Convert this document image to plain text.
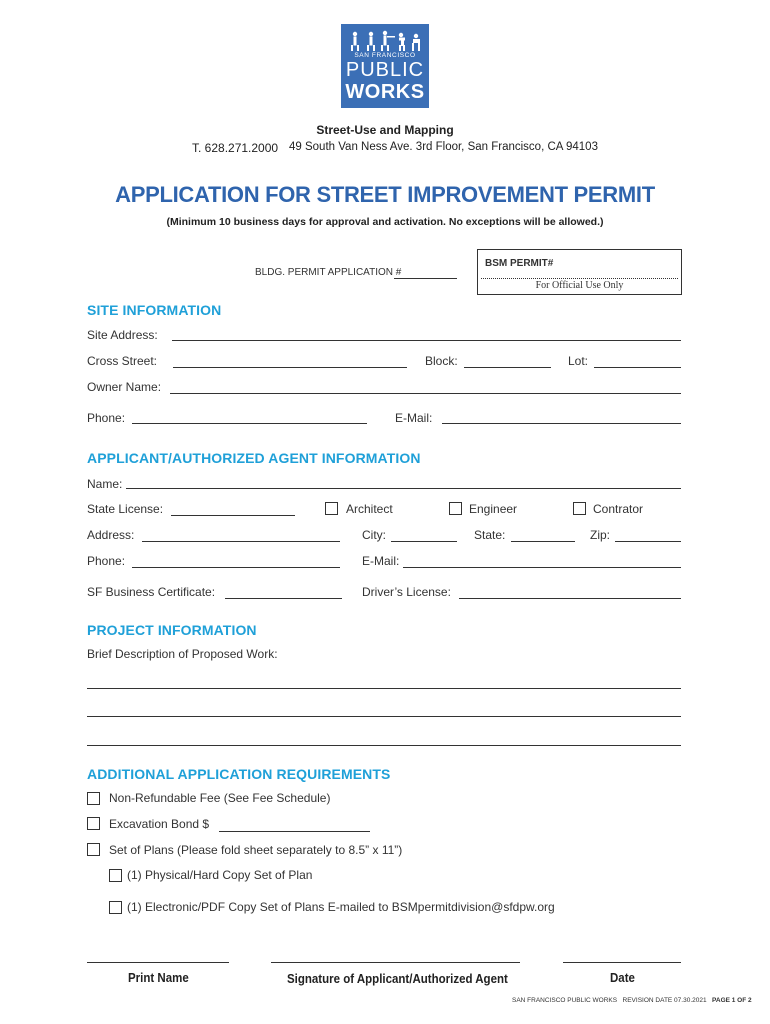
SAN FRANCISCO
PUBLIC
WORKS
Street-Use and Mapping
T. 628.271.2000 49 South Van Ness Ave. 3rd Floor, San Francisco, CA 94103
APPLICATION FOR STREET IMPROVEMENT PERMIT
(Minimum 10 business days for approval and activation. No exceptions will be allowed.)
BLDG. PERMIT APPLICATION #
BSM PERMIT#
For Official Use Only
SITE INFORMATION
Site Address:
Cross Street:	Block:	Lot:
Owner Name:
Phone:	E-Mail:
APPLICANT/AUTHORIZED AGENT INFORMATION
Name:
State License:	Architect	Engineer	Contrator
Address:	City:	State:	Zip:
Phone:	E-Mail:
SF Business Certificate:	Driver’s License:
PROJECT INFORMATION
Brief Description of Proposed Work:
ADDITIONAL APPLICATION REQUIREMENTS
Non-Refundable Fee (See Fee Schedule)
Excavation Bond $
Set of Plans (Please fold sheet separately to 8.5” x 11”)
(1) Physical/Hard Copy Set of Plan
(1) Electronic/PDF Copy Set of Plans E-mailed to BSMpermitdivision@sfdpw.org
Print Name	Signature of Applicant/Authorized Agent	Date
SAN FRANCISCO PUBLIC WORKS REVISION DATE 07.30.2021 PAGE 1 OF 2
